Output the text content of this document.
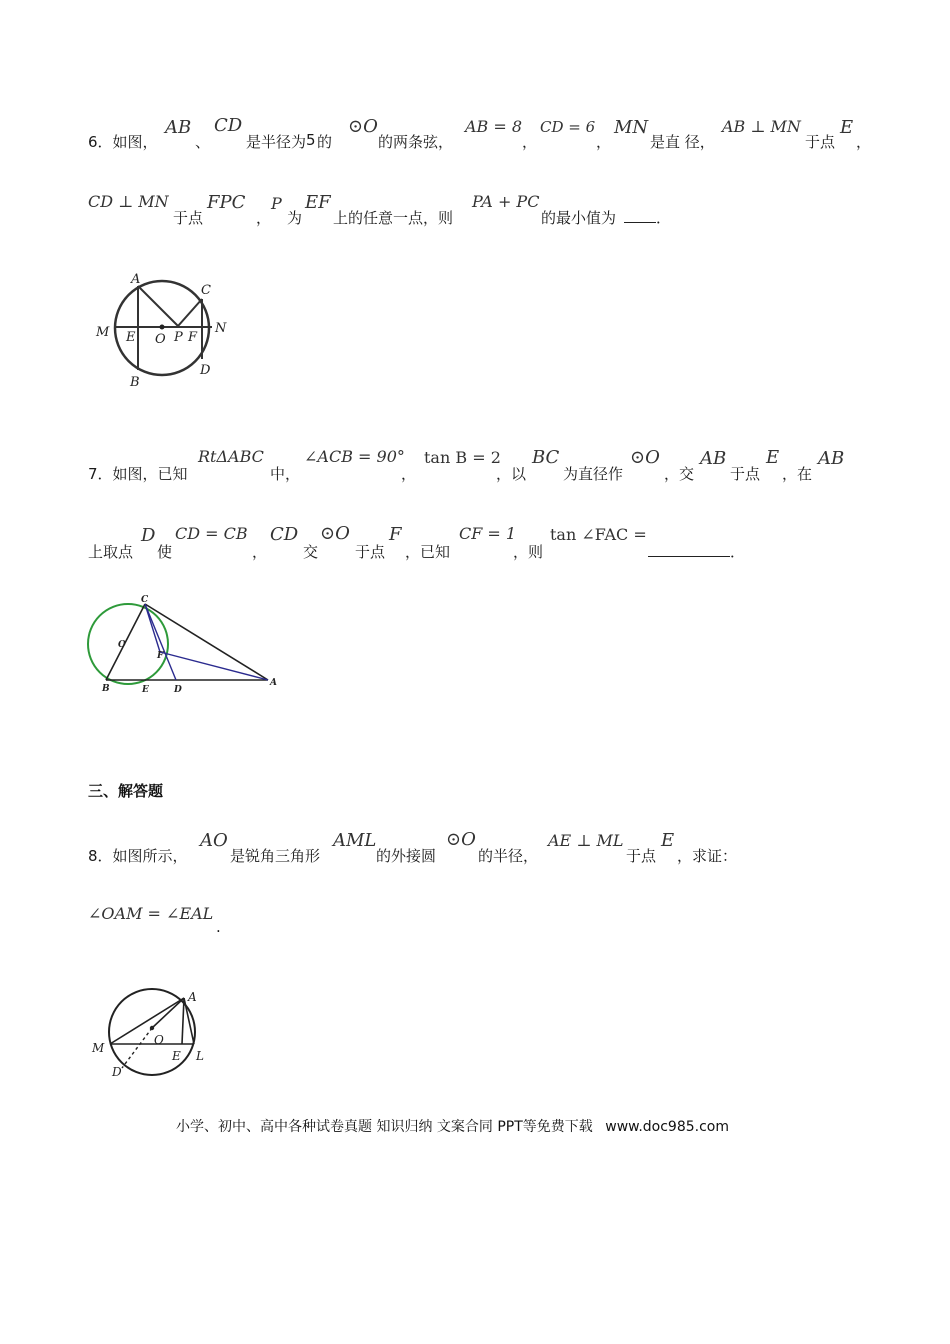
6．如图，
AB
、
CD
是半径为 5 的
⊙O
的两条弦，
AB = 8
，
CD = 6
，
MN
是直 径，
AB ⊥ MN
于点
E
，
CD ⊥ MN
于点
FPC
，
P
为
EF
上的任意一点，则
PA + PC
的最小值为	．
A
C
M E O P F
N
B
D
7．如图，已知
RtΔABC
中，
∠ACB = 90°
，
tan B = 2
，以
BC
为直径作
⊙O
，交
AB
于点
E
，在
AB
上取点
D
使
CD = CB
，
CD
交
⊙O
于点
F
，已知
CF = 1
，则
tan ∠FAC =
．
C
O
F
B	E	D
A
三、解答题
8．如图所示，
AO
是锐角三角形
AML
的外接圆
⊙O
的半径，
AE ⊥ ML
于点
E
，求证：
∠OAM = ∠EAL
.
A
M
O
E L
D
小学、初中、高中各种试卷真题 知识归纳 文案合同 PPT等免费下载 www.doc985.com
